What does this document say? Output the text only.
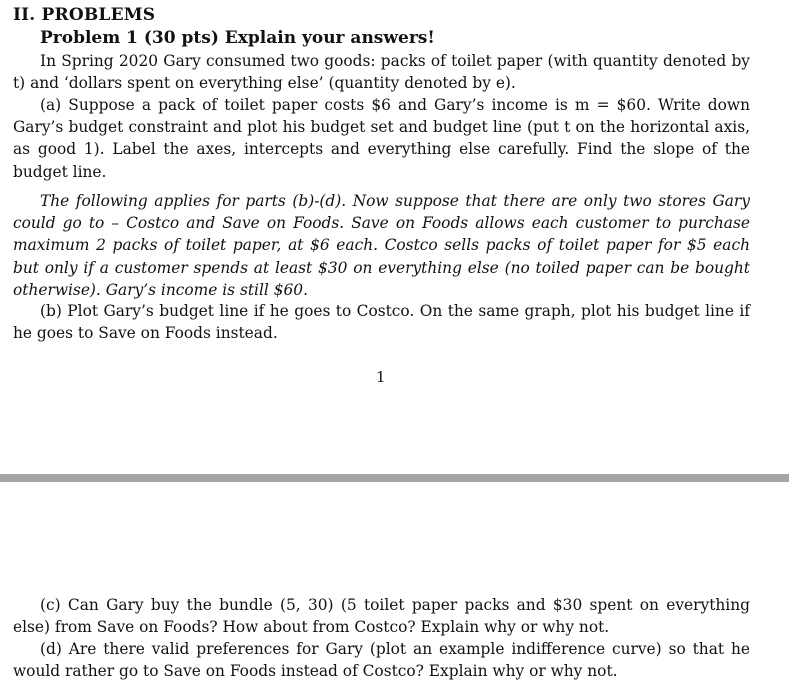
II. PROBLEMS
Problem 1 (30 pts) Explain your answers!

In Spring 2020 Gary consumed two goods: packs of toilet paper (with quantity denoted by t) and ‘dollars spent on everything else’ (quantity denoted by e).

(a) Suppose a pack of toilet paper costs $6 and Gary’s income is m = $60. Write down Gary’s budget constraint and plot his budget set and budget line (put t on the horizontal axis, as good 1). Label the axes, intercepts and everything else carefully. Find the slope of the budget line.

The following applies for parts (b)-(d). Now suppose that there are only two stores Gary could go to – Costco and Save on Foods. Save on Foods allows each customer to purchase maximum 2 packs of toilet paper, at $6 each. Costco sells packs of toilet paper for $5 each but only if a customer spends at least $30 on everything else (no toiled paper can be bought otherwise). Gary’s income is still $60.

(b) Plot Gary’s budget line if he goes to Costco. On the same graph, plot his budget line if he goes to Save on Foods instead.

1

(c) Can Gary buy the bundle (5, 30) (5 toilet paper packs and $30 spent on everything else) from Save on Foods? How about from Costco? Explain why or why not.

(d) Are there valid preferences for Gary (plot an example indifference curve) so that he would rather go to Save on Foods instead of Costco? Explain why or why not.
